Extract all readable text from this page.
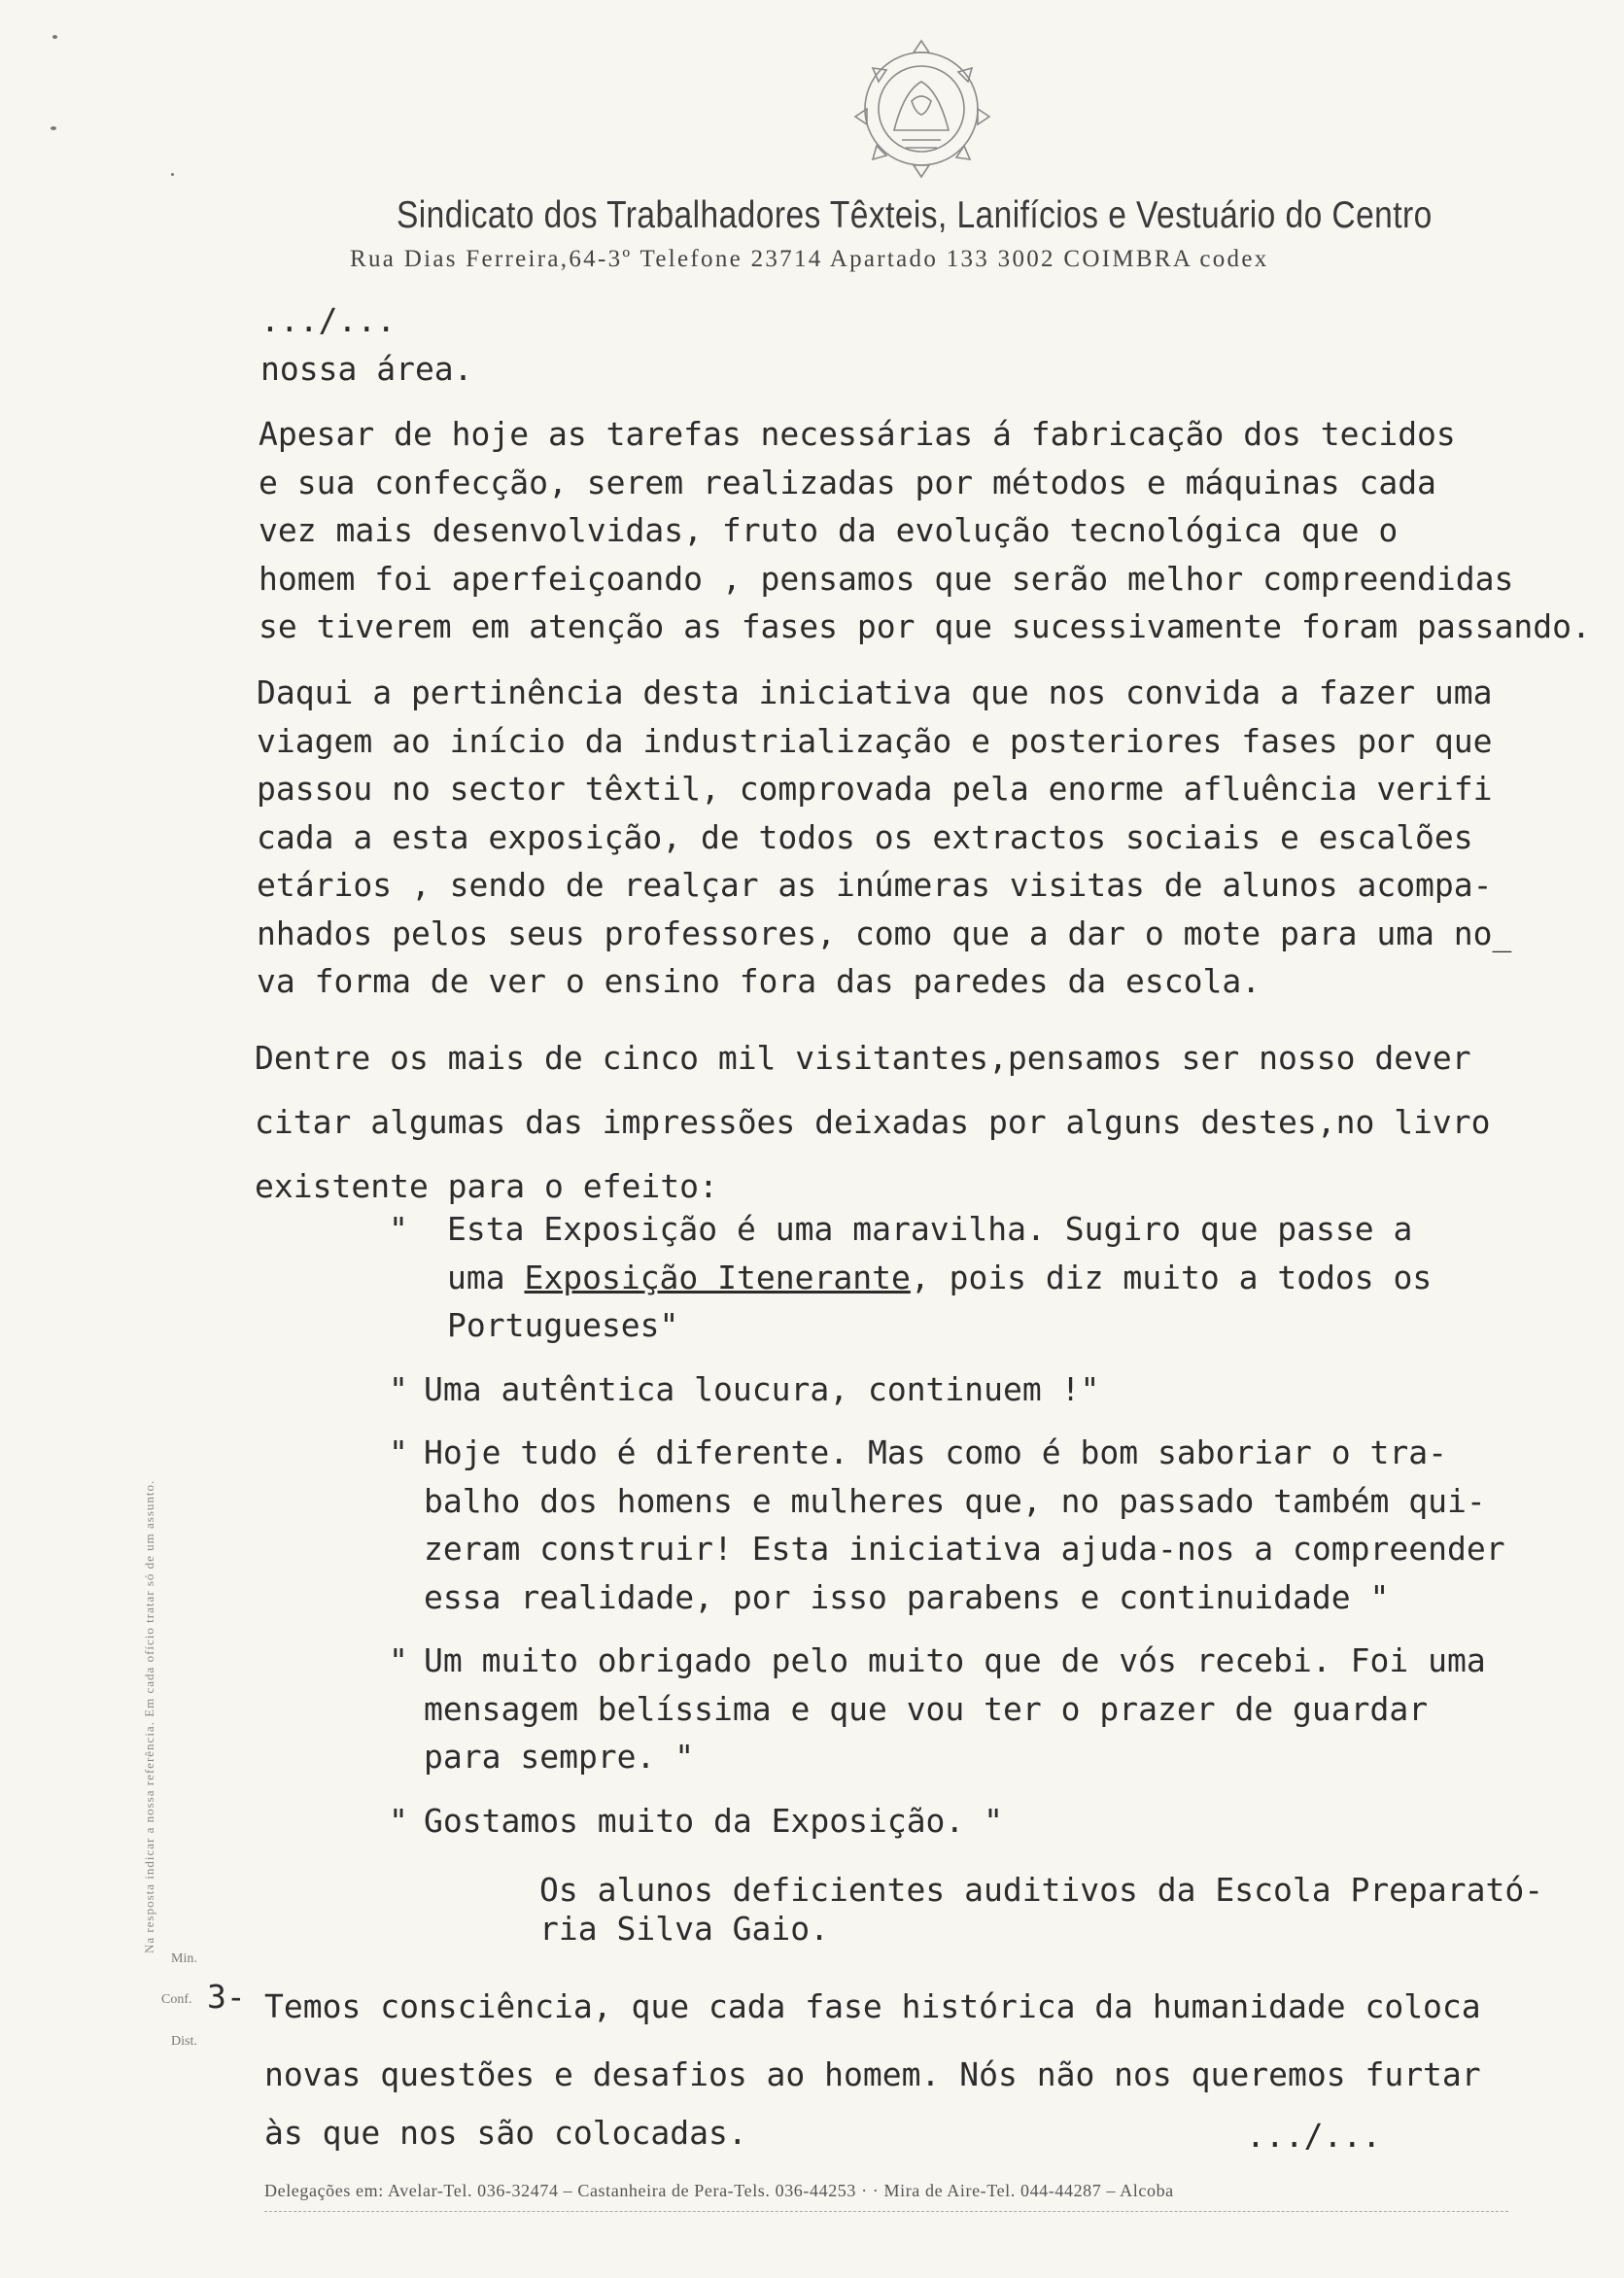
Sindicato dos Trabalhadores Têxteis, Lanifícios e Vestuário do Centro
Rua Dias Ferreira,64-3º Telefone 23714 Apartado 133 3002 COIMBRA codex
.../...
nossa área.
Apesar de hoje as tarefas necessárias á fabricação dos tecidos
e sua confecção, serem realizadas por métodos e máquinas cada
vez mais desenvolvidas, fruto da evolução tecnológica que o
homem foi aperfeiçoando , pensamos que serão melhor compreendidas
se tiverem em atenção as fases por que sucessivamente foram passando.
Daqui a pertinência desta iniciativa que nos convida a fazer uma
viagem ao início da industrialização e posteriores fases por que
passou no sector têxtil, comprovada pela enorme afluência verifi
cada a esta exposição, de todos os extractos sociais e escalões
etários , sendo de realçar as inúmeras visitas de alunos acompa-
nhados pelos seus professores, como que a dar o mote para uma no_
va forma de ver o ensino fora das paredes da escola.
Dentre os mais de cinco mil visitantes,pensamos ser nosso dever
citar algumas das impressões deixadas por alguns destes,no livro
existente para o efeito:
" Esta Exposição é uma maravilha. Sugiro que passe a
uma Exposição Itenerante, pois diz muito a todos os
Portugueses"
" Uma autêntica loucura, continuem !"
" Hoje tudo é diferente. Mas como é bom saboriar o tra-
balho dos homens e mulheres que, no passado também qui-
zeram construir! Esta iniciativa ajuda-nos a compreender
essa realidade, por isso parabens e continuidade "
" Um muito obrigado pelo muito que de vós recebi. Foi uma
mensagem belíssima e que vou ter o prazer de guardar
para sempre. "
" Gostamos muito da Exposição. "
Os alunos deficientes auditivos da Escola Preparató-
ria Silva Gaio.
3- Temos consciência, que cada fase histórica da humanidade coloca
novas questões e desafios ao homem. Nós não nos queremos furtar
às que nos são colocadas.	.../...
Na resposta indicar a nossa referência. Em cada ofício tratar só de um assunto.
Min.
Conf.
Dist.
Delegações em: Avelar-Tel. 036-32474 – Castanheira de Pera-Tels. 036-44253 · · Mira de Aire-Tel. 044-44287 – Alcoba
